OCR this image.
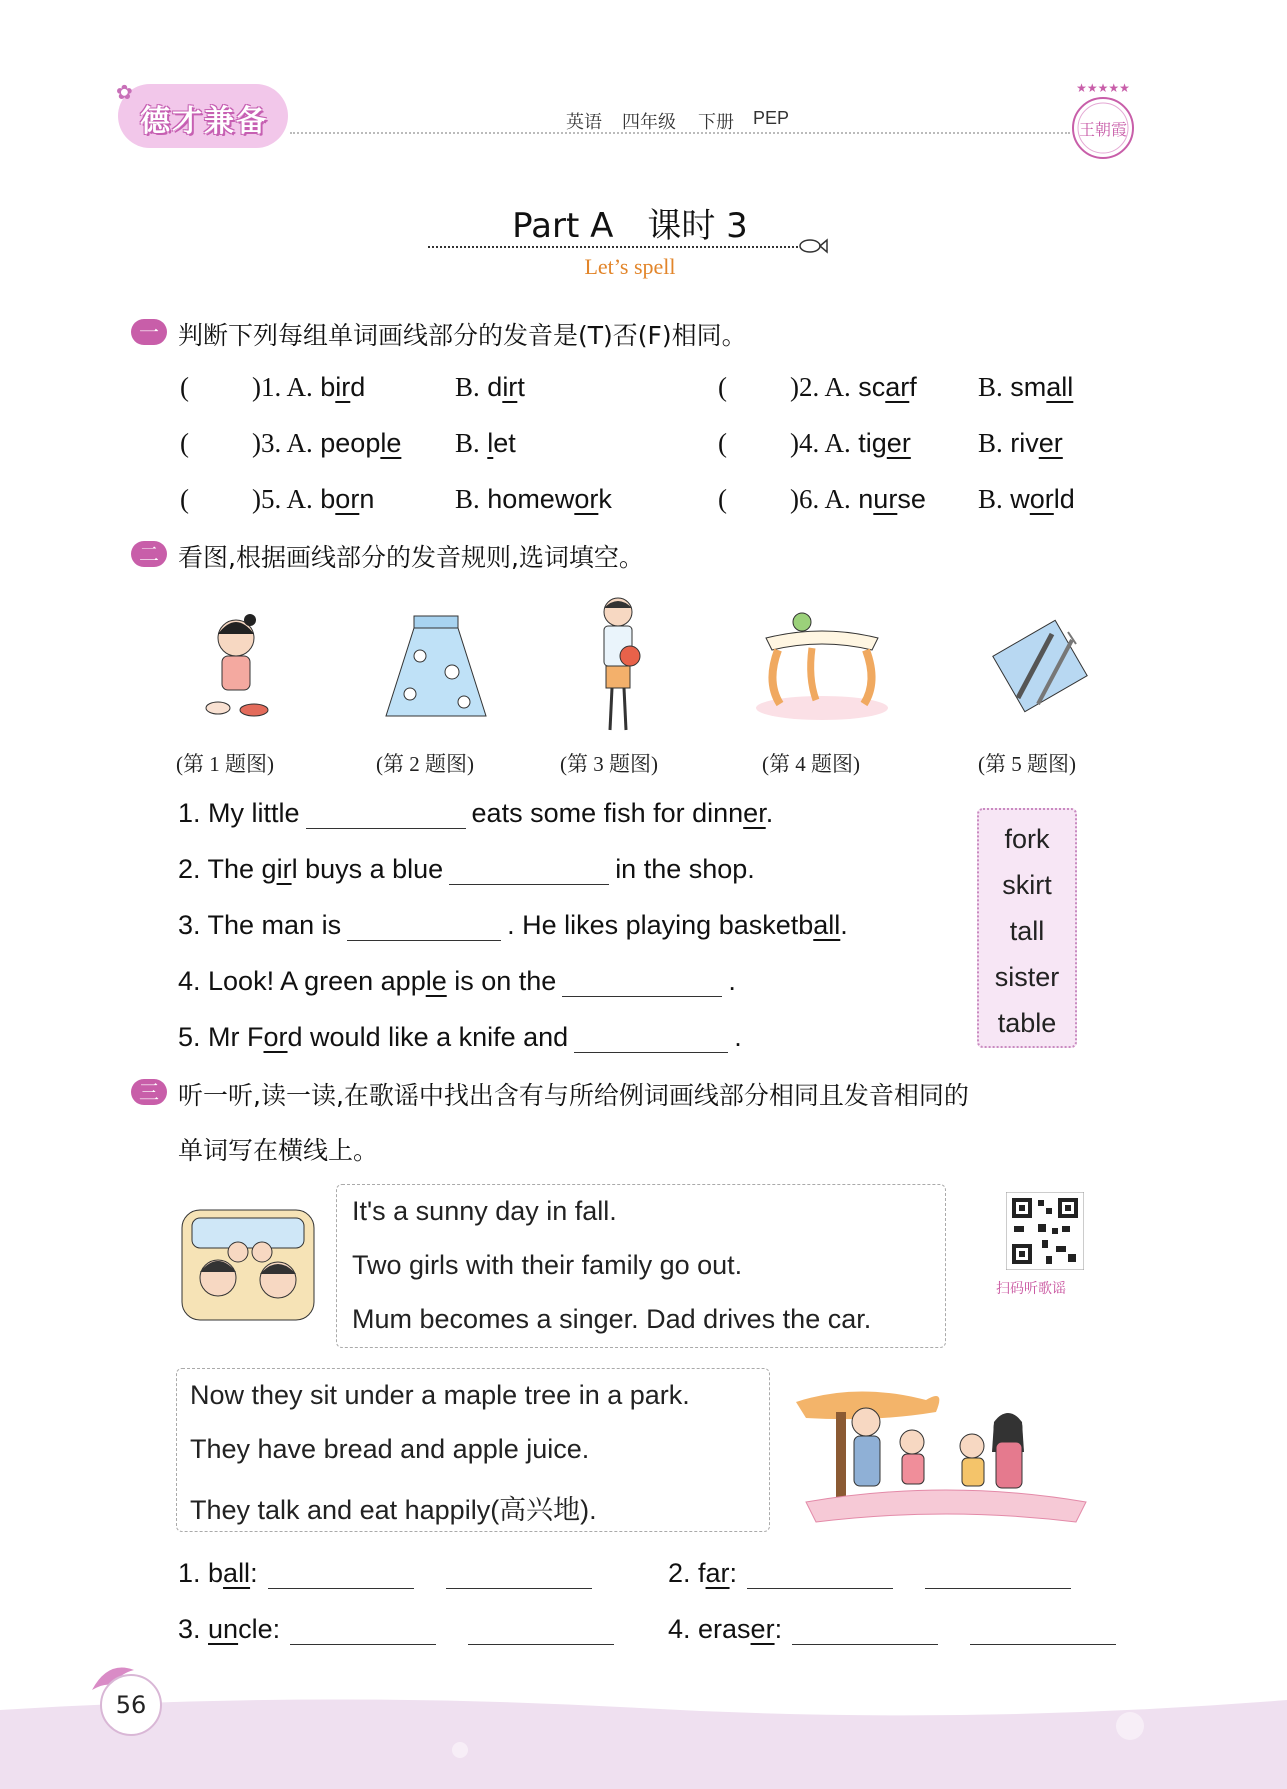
✿
德才兼备	英语 四年级 下册 PEP
★★★★★
王朝霞
Part A　课时 3
Let’s spell
一 判断下列每组单词画线部分的发音是(T)否(F)相同。
( )1. A. bird	B. dirt	( )2. A. scarf B. small
( )3. A. people B. let	( )4. A. tiger B. river
( )5. A. born	B. homework	( )6. A. nurse B. world
二 看图,根据画线部分的发音规则,选词填空。
(第 1 题图)	(第 2 题图)	(第 3 题图)	(第 4 题图)	(第 5 题图)
1. My little	eats some fish for dinner.
2. The girl buys a blue	in the shop.
3. The man is	. He likes playing basketball.
4. Look! A green apple is on the	.
5. Mr Ford would like a knife and	.
fork
skirt
tall
sister
table
三 听一听,读一读,在歌谣中找出含有与所给例词画线部分相同且发音相同的
单词写在横线上。
It's a sunny day in fall.
Two girls with their family go out.
Mum becomes a singer. Dad drives the car.
扫码听歌谣
Now they sit under a maple tree in a park.
They have bread and apple juice.
They talk and eat happily(高兴地).
1. ball:	2. far:
3. uncle:	4. eraser:
56
